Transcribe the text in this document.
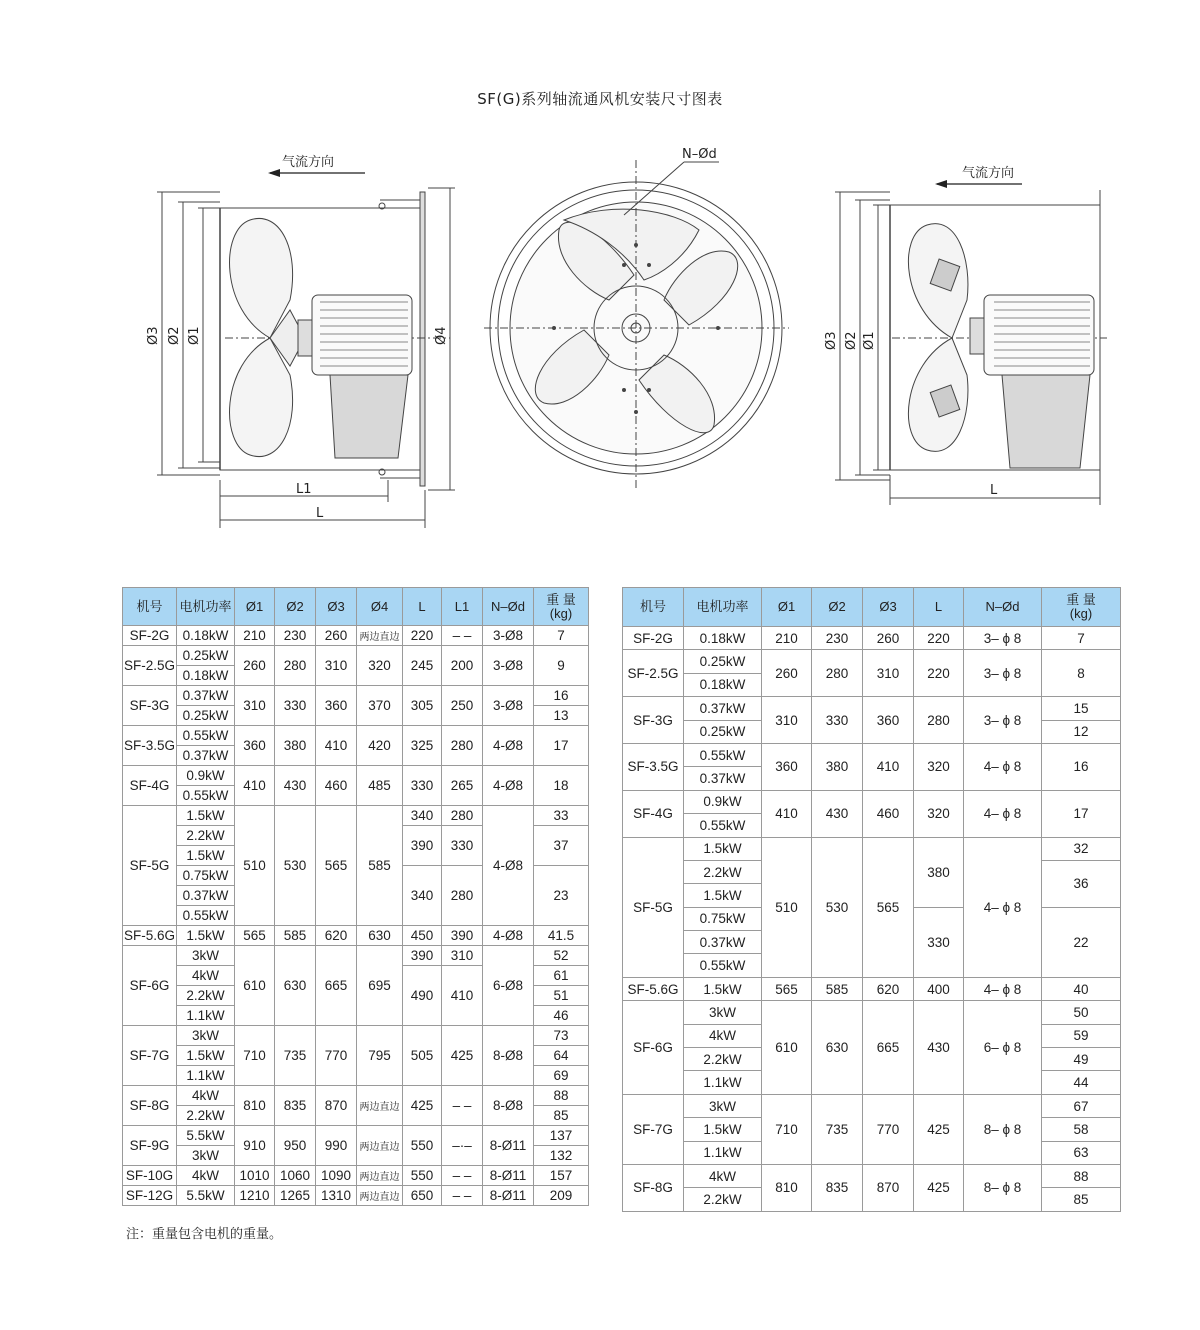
SF(G)系列轴流通风机安装尺寸图表
气流方向
Ø3 Ø2 Ø1	Ø4
L1
L
N–Ød
气流方向
Ø3 Ø2 Ø1
L
机号	电机功率	Ø1	Ø2	Ø3	Ø4	L	L1	N–Ød	重 量
(kg)
SF-2G	0.18kW	210	230	260	两边直边	220	– –	3-Ø8	7
SF-2.5G	0.25kW	260	280	310	320	245	200	3-Ø8	9
	0.18kW								
SF-3G	0.37kW	310	330	360	370	305	250	3-Ø8	16
	0.25kW								13
SF-3.5G	0.55kW	360	380	410	420	325	280	4-Ø8	17
	0.37kW								
SF-4G	0.9kW	410	430	460	485	330	265	4-Ø8	18
	0.55kW								
SF-5G	1.5kW	510	530	565	585	340	280	4-Ø8	33
	2.2kW					390	330		37
	1.5kW								
	0.75kW					340	280		23
	0.37kW								
	0.55kW								
SF-5.6G	1.5kW	565	585	620	630	450	390	4-Ø8	41.5
SF-6G	3kW	610	630	665	695	390	310	6-Ø8	52
	4kW					490	410		61
	2.2kW								51
	1.1kW								46
SF-7G	3kW	710	735	770	795	505	425	8-Ø8	73
	1.5kW								64
	1.1kW								69
SF-8G	4kW	810	835	870	两边直边	425	– –	8-Ø8	88
	2.2kW								85
SF-9G	5.5kW	910	950	990	两边直边	550	–·–	8-Ø11	137
	3kW								132
SF-10G	4kW	1010	1060	1090	两边直边	550	– –	8-Ø11	157
SF-12G	5.5kW	1210	1265	1310	两边直边	650	– –	8-Ø11	209
机号	电机功率	Ø1	Ø2	Ø3	L	N–Ød	重 量
(kg)
SF-2G	0.18kW	210	230	260	220	3– ϕ 8	7
SF-2.5G	0.25kW	260	280	310	220	3– ϕ 8	8
	0.18kW						
SF-3G	0.37kW	310	330	360	280	3– ϕ 8	15
	0.25kW						12
SF-3.5G	0.55kW	360	380	410	320	4– ϕ 8	16
	0.37kW						
SF-4G	0.9kW	410	430	460	320	4– ϕ 8	17
	0.55kW						
SF-5G	1.5kW	510	530	565	380	4– ϕ 8	32
	2.2kW						36
	1.5kW						
	0.75kW				330		22
	0.37kW						
	0.55kW						
SF-5.6G	1.5kW	565	585	620	400	4– ϕ 8	40
SF-6G	3kW	610	630	665	430	6– ϕ 8	50
	4kW						59
	2.2kW						49
	1.1kW						44
SF-7G	3kW	710	735	770	425	8– ϕ 8	67
	1.5kW						58
	1.1kW						63
SF-8G	4kW	810	835	870	425	8– ϕ 8	88
	2.2kW						85
注：重量包含电机的重量。
